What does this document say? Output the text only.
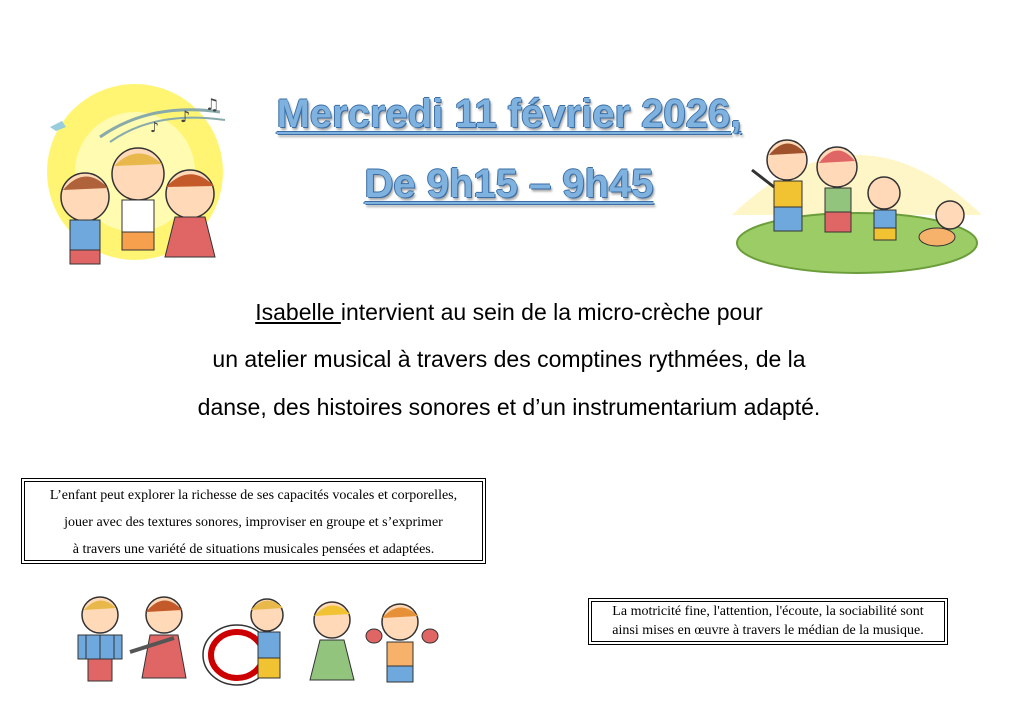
♪
♫
♪	Mercredi 11 février 2026,
De 9h15 – 9h45
Isabelle intervient au sein de la micro-crèche pour
un atelier musical à travers des comptines rythmées, de la
danse, des histoires sonores et d’un instrumentarium adapté.
L’enfant peut explorer la richesse de ses capacités vocales et corporelles,
jouer avec des textures sonores, improviser en groupe et s’exprimer
à travers une variété de situations musicales pensées et adaptées.
La motricité fine, l'attention, l'écoute, la sociabilité sont
ainsi mises en œuvre à travers le médian de la musique.
